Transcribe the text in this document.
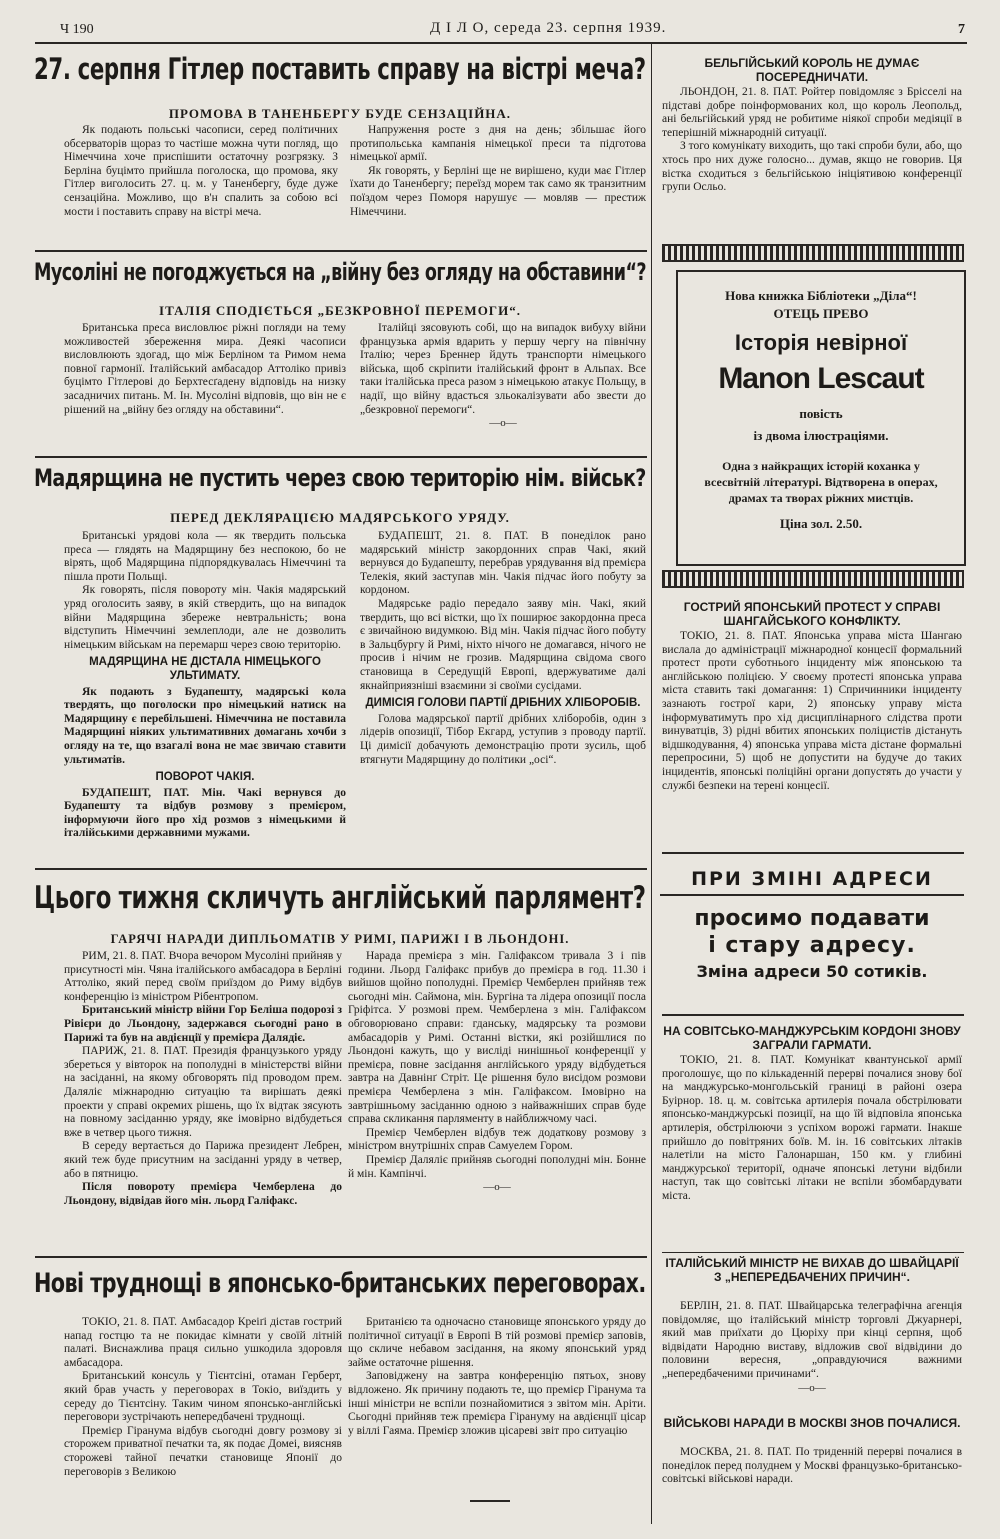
Ч 190	Д І Л О, середа 23. серпня 1939.	7
27. серпня Гітлер поставить справу на вістрі меча?
ПРОМОВА В ТАНЕНБЕРГУ БУДЕ СЕНЗАЦІЙНА.

Як подають польські часописи, серед політичних обсерваторів щораз то частіше можна чути погляд, що Німеччина хоче приспішити остаточну розгрязку. З Берліна буцімто прийшла поголоска, що промова, яку Гітлер виголосить 27. ц. м. у Таненбергу, буде дуже сензаційна. Можливо, що в'н спалить за собою всі мости і поставить справу на вістрі меча.

Напруження росте з дня на день; збільшає його протипольська кампанія німецької преси та підготова німецької армії.

Як говорять, у Берліні ще не вирішено, куди має Гітлер їхати до Таненбергу; переїзд морем так само як транзитним поїздом через Поморя нарушує — мовляв — престиж Німеччини.

Мусоліні не погоджується на „війну без огляду на обставини“?
ІТАЛІЯ СПОДІЄТЬСЯ „БЕЗКРОВНОЇ ПЕРЕМОГИ“.

Британська преса висловлює ріжні погляди на тему можливостей збереження мира. Деякі часописи висловлюють здогад, що між Берліном та Римом нема повної гармонії. Італійський амбасадор Аттоліко привіз буцімто Гітлерові до Берхтесґадену відповідь на низку засадничих питань. М. Ін. Мусоліні відповів, що він не є рішений на „війну без огляду на обставини“.

Італійці зясовують собі, що на випадок вибуху війни французька армія вдарить у першу чергу на північну Італію; через Бреннер йдуть транспорти німецького війська, щоб скріпити італійський фронт в Альпах. Все таки італійська преса разом з німецькою атакує Польщу, в надії, що війну вдасться зльокалізувати або звести до „безкровної перемоги“.

—o—
Мадярщина не пустить через свою територію нім. військ?
ПЕРЕД ДЕКЛЯРАЦІЄЮ МАДЯРСЬКОГО УРЯДУ.

Британські урядові кола — як твердить польська преса — глядять на Мадярщину без неспокою, бо не вірять, щоб Мадярщина підпорядкувалась Німеччині та пішла проти Польщі.

Як говорять, після повороту мін. Чакія мадярський уряд оголосить заяву, в якій ствердить, що на випадок війни Мадярщина збереже невтральність; вона відступить Німеччині землеплоди, але не дозволить німецьким військам на перемарш через свою територію.

МАДЯРЩИНА НЕ ДІСТАЛА НІМЕЦЬКОГО УЛЬТИМАТУ.

Як подають з Будапешту, мадярські кола твердять, що поголоски про німецький натиск на Мадярщину є перебільшені. Німеччина не поставила Мадярщині ніяких ультимативних домагань хочби з огляду на те, що взагалі вона не має звичаю ставити ультиматів.

ПОВОРОТ ЧАКІЯ.

БУДАПЕШТ, ПАТ. Мін. Чакі вернувся до Будапешту та відбув розмову з премієром, інформуючи його про хід розмов з німецькими й італійськими державними мужами.

БУДАПЕШТ, 21. 8. ПАТ. В понеділок рано мадярський міністр закордонних справ Чакі, який вернувся до Будапешту, перебрав урядування від премієра Телекія, який заступав мін. Чакія підчас його побуту за кордоном.

Мадярське радіо передало заяву мін. Чакі, який твердить, що всі вістки, що їх поширює закордонна преса є звичайною видумкою. Від мін. Чакія підчас його побуту в Зальцбургу й Римі, ніхто нічого не домагався, нічого не просив і нічим не грозив. Мадярщина свідома свого становища в Середущій Европі, вдержуватиме далі якнайприязніші взаємини зі своїми сусідами.

ДИМІСІЯ ГОЛОВИ ПАРТІЇ ДРІБНИХ ХЛІБОРОБІВ.

Голова мадярської партії дрібних хліборобів, один з лідерів опозиції, Тібор Екгард, уступив з проводу партії. Ці димісії добачують демонстрацію проти зусиль, щоб втягнути Мадярщину до політики „осі“.

Цього тижня скличуть англійський парлямент?
ГАРЯЧІ НАРАДИ ДИПЛЬОМАТІВ У РИМІ, ПАРИЖІ І В ЛЬОНДОНІ.

РИМ, 21. 8. ПАТ. Вчора вечором Мусоліні прийняв у присутності мін. Чяна італійського амбасадора в Берліні Аттоліко, який перед своїм приїздом до Риму відбув конференцію із міністром Рібентропом.

Британський міністр війни Гор Беліша подорозі з Рівієри до Льондону, задержався сьогодні рано в Парижі та був на авдієнції у премієра Далядіє.

ПАРИЖ, 21. 8. ПАТ. Президія французького уряду збереться у вівторок на пополудні в міністерстві війни на засіданні, на якому обговорять під проводом прем. Даляліє міжнародню ситуацію та вирішать деякі проекти у справі окремих рішень, що їх відтак зясують на повному засіданню уряду, яке імовірно відбудеться вже в четвер цього тижня.

В середу вертається до Парижа президент Лебрен, який теж буде присутним на засіданні уряду в четвер, або в пятницю.

Після повороту премієра Чемберлена до Льондону, відвідав його мін. льорд Галіфакс.

Нарада премієра з мін. Галіфаксом тривала 3 і пів години. Льорд Галіфакс прибув до премієра в год. 11.30 і вийшов щойно пополудні. Премієр Чемберлен прийняв теж сьогодні мін. Саймона, мін. Бургіна та лідера опозиції посла Гріфітса. У розмові прем. Чемберлена з мін. Галіфаксом обговорювано справи: гданську, мадярську та розмови амбасадорів у Римі. Останні вістки, які розійшлися по Льондоні кажуть, що у висліді нинішньої конференції у премієра, повне засідання англійського уряду відбудеться завтра на Давнінґ Стріт. Це рішення було висідом розмови премієра Чемберлена з мін. Галіфаксом. Імовірно на завтрішньому засіданню одною з найважніших справ буде справа скликання парляменту в найближчому часі.

Премієр Чемберлен відбув теж додаткову розмову з міністром внутрішніх справ Самуелем Гором.

Премієр Даляліє прийняв сьогодні пополудні мін. Бонне й мін. Кампінчі.

—o—
Нові труднощі в японсько-британських переговорах.

ТОКІО, 21. 8. ПАТ. Амбасадор Креіґі дістав гострий напад гостцю та не покидає кімнати у своїй літній палаті. Виснажлива праця сильно ушкодила здоровля амбасадора.

Британський консуль у Тієнтсіні, отаман Герберт, який брав участь у переговорах в Токіо, виїздить у середу до Тієнтсіну. Таким чином японсько-англійські переговори зустрічають непередбачені труднощі.

Премієр Гіранума відбув сьогодні довгу розмову зі сторожем приватної печатки та, як подає Домеі, виясняв сторожеві тайної печатки становище Японії до переговорів з Великою

Британією та одночасно становище японського уряду до політичної ситуації в Европі В тій розмові премієр заповів, що скличе небавом засідання, на якому японський уряд займе остаточне рішення.

Заповіджену на завтра конференцію пятьох, знову відложено. Як причину подають те, що премієр Гіранума та інші міністри не вспіли познайомитися з звітом мін. Аріти. Сьогодні прийняв теж премієра Гірануму на авдієнції цісар у віллі Гаяма. Премієр зложив цісареві звіт про ситуацію

БЕЛЬГІЙСЬКИЙ КОРОЛЬ НЕ ДУМАЄ ПОСЕРЕДНИЧАТИ.

ЛЬОНДОН, 21. 8. ПАТ. Ройтер повідомляє з Брісселі на підставі добре поінформованих кол, що король Леопольд, ані бельгійський уряд не робитиме ніякої спроби медіяції в теперішній міжнародній ситуації.

З того комунікату виходить, що такі спроби були, або, що хтось про них дуже голосно... думав, якщо не говорив. Ця вістка сходиться з бельгійською ініціятивою конференції групи Осльо.

Нова книжка Бібліотеки „Діла“!
ОТЕЦЬ ПРЕВО
Історія невірної
Manon Lescaut
повість
із двома ілюстраціями.
Одна з найкращих історій коханка у всесвітній літературі. Відтворена в операх, драмах та творах ріжних мистців.
Ціна зол. 2.50.
ГОСТРИЙ ЯПОНСЬКИЙ ПРОТЕСТ У СПРАВІ ШАНГАЙСЬКОГО КОНФЛІКТУ.

ТОКІО, 21. 8. ПАТ. Японська управа міста Шангаю вислала до адміністрації міжнародної концесії формальний протест проти суботнього інциденту між японською та англійською поліцією. У своєму протесті японська управа міста ставить такі домагання: 1) Спричинники інциденту зазнають гострої кари, 2) японську управу міста інформуватимуть про хід дисциплінарного слідства проти винуватців, 3) рідні вбитих японських поліцистів дістануть відшкодування, 4) японська управа міста дістане формальні перепросини, 5) щоб не допустити на будуче до таких інцидентів, японські поліційні органи допустять до участи у службі безпеки на терені концесії.

ПРИ ЗМІНІ АДРЕСИ
просимо подавати
і стару адресу.
Зміна адреси 50 сотиків.
НА СОВІТСЬКО-МАНДЖУРСЬКІМ КОРДОНІ ЗНОВУ ЗАГРАЛИ ГАРМАТИ.

ТОКІО, 21. 8. ПАТ. Комунікат квантунської армії проголошує, що по кількаденній перерві почалися знову бої на манджурсько-монгольській границі в районі озера Буірнор. 18. ц. м. совітська артилерія почала обстрілювати японсько-манджурські позиції, на що їй відповіла японська артилерія, обстрілюючи з успіхом ворожі гармати. Інакше прийшло до повітряних боїв. М. ін. 16 совітських літаків налетіли на місто Галонаршан, 150 км. у глибині манджурської території, одначе японські летуни відбили наступ, так що совітські літаки не вспіли збомбардувати міста.

ІТАЛІЙСЬКИЙ МІНІСТР НЕ ВИХАВ ДО ШВАЙЦАРІЇ З „НЕПЕРЕДБАЧЕНИХ ПРИЧИН“.

БЕРЛІН, 21. 8. ПАТ. Швайцарська телеграфічна агенція повідомляє, що італійський міністр торговлі Джуарнері, який мав приїхати до Цюріху при кінці серпня, щоб відвідати Народню виставу, відложив свої відвідини до половини вересня, „оправдуючися важними „непередбаченими причинами“.

—o—
ВІЙСЬКОВІ НАРАДИ В МОСКВІ ЗНОВ ПОЧАЛИСЯ.

МОСКВА, 21. 8. ПАТ. По триденній перерві почалися в понеділок перед полуднем у Москві французько-британсько-совітські військові наради.
